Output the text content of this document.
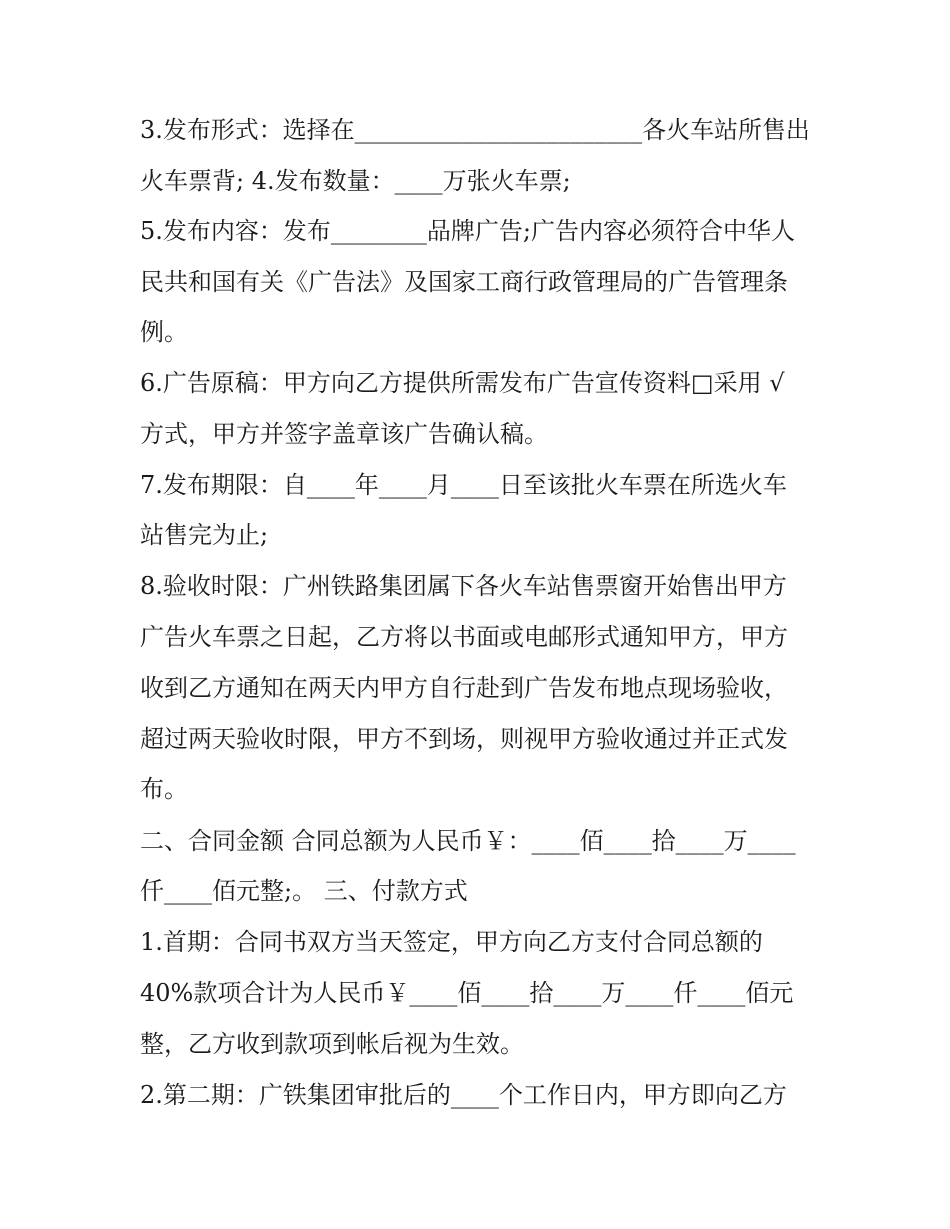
3.发布形式：选择在________________________各火车站所售出
火车票背; 4.发布数量：____万张火车票;
5.发布内容：发布________品牌广告;广告内容必须符合中华人
民共和国有关《广告法》及国家工商行政管理局的广告管理条
例。
6.广告原稿：甲方向乙方提供所需发布广告宣传资料□采用 √
方式，甲方并签字盖章该广告确认稿。
7.发布期限：自____年____月____日至该批火车票在所选火车
站售完为止;
8.验收时限：广州铁路集团属下各火车站售票窗开始售出甲方
广告火车票之日起，乙方将以书面或电邮形式通知甲方，甲方
收到乙方通知在两天内甲方自行赴到广告发布地点现场验收，
超过两天验收时限，甲方不到场，则视甲方验收通过并正式发
布。
二、合同金额 合同总额为人民币￥：____佰____拾____万____
仟____佰元整;。 三、付款方式
1.首期：合同书双方当天签定，甲方向乙方支付合同总额的
40%款项合计为人民币￥____佰____拾____万____仟____佰元
整，乙方收到款项到帐后视为生效。
2.第二期：广铁集团审批后的____个工作日内，甲方即向乙方
